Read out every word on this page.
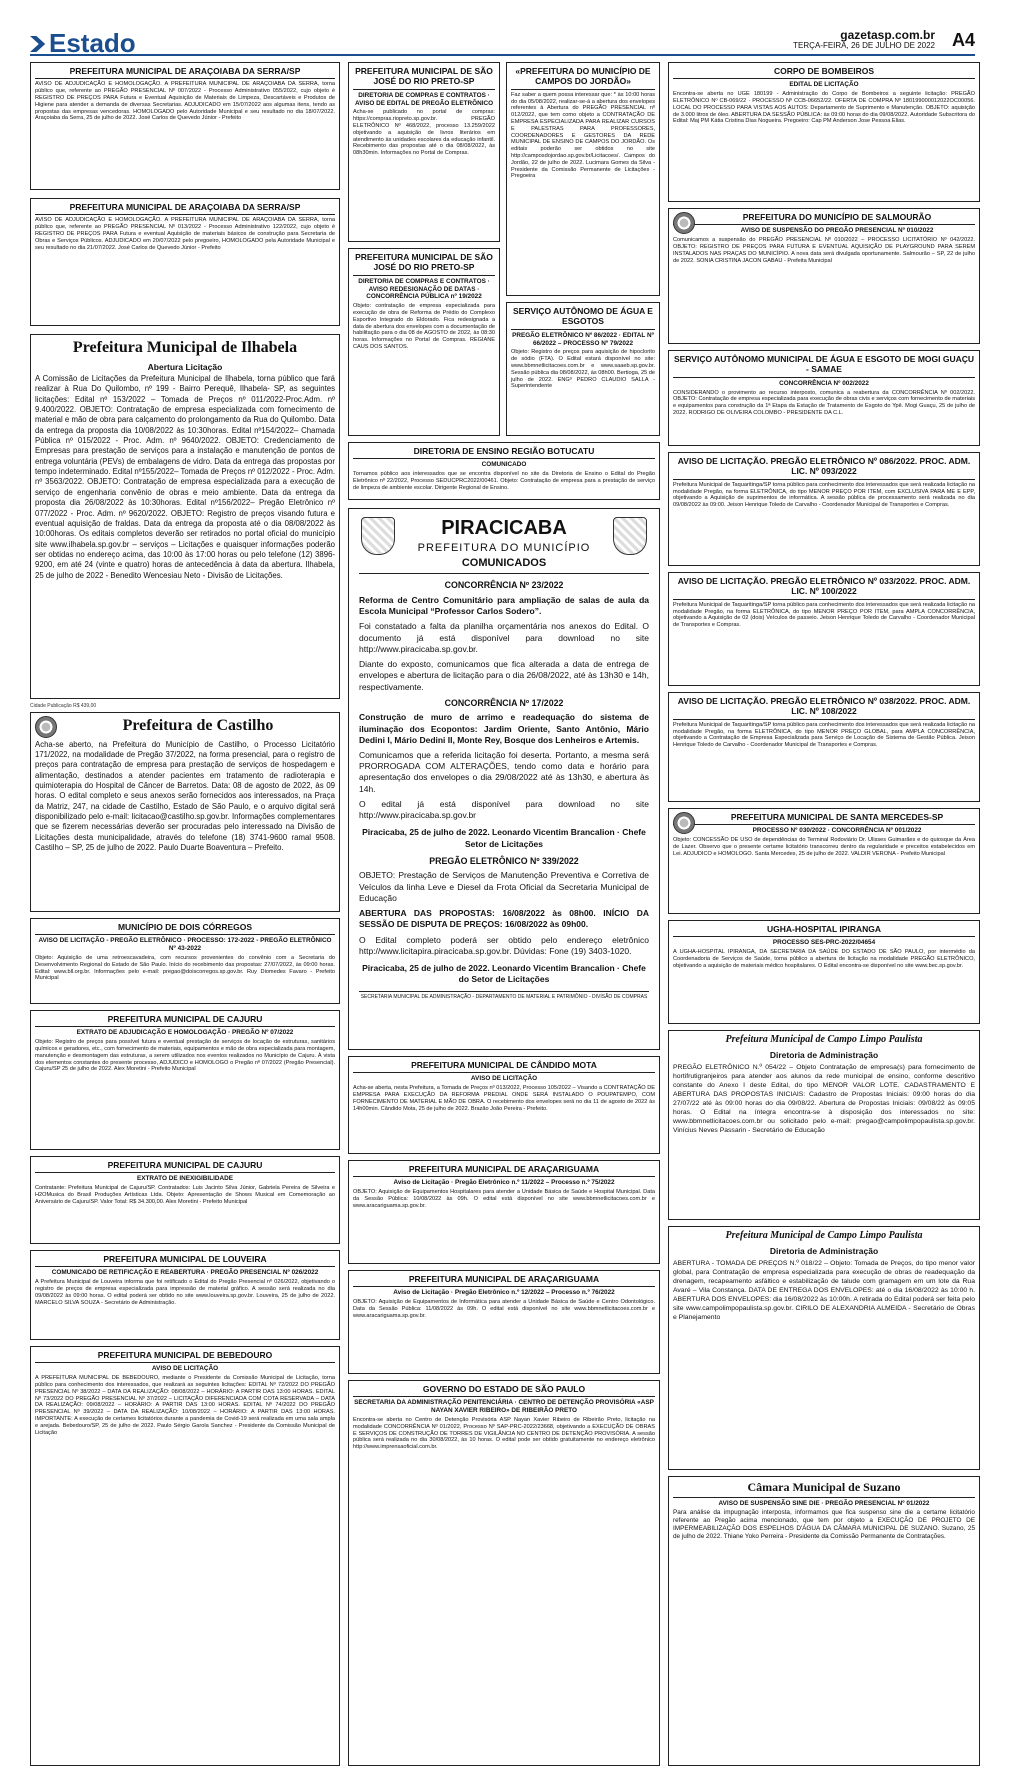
Estado	gazetasp.com.br
TERÇA-FEIRA, 26 DE JULHO DE 2022 A4
PREFEITURA MUNICIPAL DE ARAÇOIABA DA SERRA/SP

AVISO DE ADJUDICAÇÃO E HOMOLOGAÇÃO. A PREFEITURA MUNICIPAL DE ARAÇOIABA DA SERRA, torna público que, referente ao PREGÃO PRESENCIAL Nº 007/2022 - Processo Administrativo 055/2022, cujo objeto é REGISTRO DE PREÇOS PARA Futura e Eventual Aquisição de Materiais de Limpeza, Descartáveis e Produtos de Higiene para atender a demanda de diversas Secretarias. ADJUDICADO em 15/07/2022 aos algumas itens, tendo as propostas das empresas vencedoras. HOMOLOGADO pelo Autoridade Municipal e seu resultado no dia 18/07/2022. Araçoiaba da Serra, 25 de julho de 2022. José Carlos de Quevedo Júnior - Prefeito

PREFEITURA MUNICIPAL DE ARAÇOIABA DA SERRA/SP

AVISO DE ADJUDICAÇÃO E HOMOLOGAÇÃO. A PREFEITURA MUNICIPAL DE ARAÇOIABA DA SERRA, torna público que, referente ao PREGÃO PRESENCIAL Nº 013/2022 - Processo Administrativo 122/2022, cujo objeto é REGISTRO DE PREÇOS PARA Futura e eventual Aquisição de materiais básicos de construção para Secretaria de Obras e Serviços Públicos. ADJUDICADO em 20/07/2022 pelo pregoeiro, HOMOLOGADO pela Autoridade Municipal e seu resultado no dia 21/07/2022. José Carlos de Quevedo Júnior - Prefeito

Prefeitura Municipal de Ilhabela
Abertura Licitação

A Comissão de Licitações da Prefeitura Municipal de Ilhabela, torna público que fará realizar à Rua Do Quilombo, nº 199 - Bairro Perequê, Ilhabela- SP, as seguintes licitações: Edital nº 153/2022 – Tomada de Preços nº 011/2022-Proc.Adm. nº 9.400/2022. OBJETO: Contratação de empresa especializada com fornecimento de material e mão de obra para calçamento do prolongamento da Rua do Quilombo. Data da entrega da proposta dia 10/08/2022 às 10:30horas. Edital nº154/2022– Chamada Pública nº 015/2022 - Proc. Adm. nº 9640/2022. OBJETO: Credenciamento de Empresas para prestação de serviços para a instalação e manutenção de pontos de entrega voluntária (PEVs) de embalagens de vidro. Data da entrega das propostas por tempo indeterminado. Edital nº155/2022– Tomada de Preços nº 012/2022 - Proc. Adm. nº 3563/2022. OBJETO: Contratação de empresa especializada para a execução de serviço de engenharia convênio de obras e meio ambiente. Data da entrega da proposta dia 26/08/2022 às 10:30horas. Edital nº156/2022– Pregão Eletrônico nº 077/2022 - Proc. Adm. nº 9620/2022. OBJETO: Registro de preços visando futura e eventual aquisição de fraldas. Data da entrega da proposta até o dia 08/08/2022 às 10:00horas. Os editais completos deverão ser retirados no portal oficial do município site www.ilhabela.sp.gov.br – serviços – Licitações e quaisquer informações poderão ser obtidas no endereço acima, das 10:00 às 17:00 horas ou pelo telefone (12) 3896-9200, em até 24 (vinte e quatro) horas de antecedência à data da abertura. Ilhabela, 25 de julho de 2022 - Benedito Wencesiau Neto - Divisão de Licitações.

Cidade Publicação R$ 439,00
Prefeitura de Castilho

Acha-se aberto, na Prefeitura do Município de Castilho, o Processo Licitatório 171/2022, na modalidade de Pregão 37/2022, na forma presencial, para o registro de preços para contratação de empresa para prestação de serviços de hospedagem e alimentação, destinados a atender pacientes em tratamento de radioterapia e quimioterapia do Hospital de Câncer de Barretos. Data: 08 de agosto de 2022, às 09 horas. O edital completo e seus anexos serão fornecidos aos interessados, na Praça da Matriz, 247, na cidade de Castilho, Estado de São Paulo, e o arquivo digital será disponibilizado pelo e-mail: licitacao@castilho.sp.gov.br. Informações complementares que se fizerem necessárias deverão ser procuradas pelo interessado na Divisão de Licitações desta municipalidade, através do telefone (18) 3741-9600 ramal 9508. Castilho – SP, 25 de julho de 2022. Paulo Duarte Boaventura – Prefeito.

MUNICÍPIO DE DOIS CÓRREGOS
AVISO DE LICITAÇÃO - PREGÃO ELETRÔNICO · PROCESSO: 172-2022 - PREGÃO ELETRÔNICO Nº 43-2022

Objeto: Aquisição de uma retroescavadeira, com recursos provenientes do convênio com a Secretaria do Desenvolvimento Regional do Estado de São Paulo. Início do recebimento das propostas: 27/07/2022, às 09:00 horas. Edital: www.bll.org.br. Informações pelo e-mail: pregao@doiscorregos.sp.gov.br. Ruy Diomedes Favaro - Prefeito Municipal

PREFEITURA MUNICIPAL DE CAJURU
EXTRATO DE ADJUDICAÇÃO E HOMOLOGAÇÃO · PREGÃO Nº 07/2022

Objeto: Registro de preços para possível futura e eventual prestação de serviços de locação de estruturas, sanitários químicos e geradores, etc., com fornecimento de materiais, equipamentos e mão de obra especializada para montagem, manutenção e desmontagem das estruturas, a serem utilizados nos eventos realizados no Município de Cajuru. À vista dos elementos constantes do presente processo, ADJUDICO e HOMOLOGO o Pregão nº 07/2022 (Pregão Presencial). Cajuru/SP 25 de julho de 2022. Alex Moretini - Prefeito Municipal

PREFEITURA MUNICIPAL DE CAJURU
EXTRATO DE INEXIGIBILIDADE

Contratante: Prefeitura Municipal de Cajuru/SP. Contratados: Luis Jacinto Silva Júnior, Gabriela Pereira de Silveira e H2OMusica do Brasil Produções Artísticas Ltda. Objeto: Apresentação de Shows Musical em Comemoração ao Aniversário de Cajuru/SP. Valor Total: R$ 34.300,00. Alex Moretini - Prefeito Municipal

PREFEITURA MUNICIPAL DE LOUVEIRA
COMUNICADO DE RETIFICAÇÃO E REABERTURA · PREGÃO PRESENCIAL Nº 026/2022

A Prefeitura Municipal de Louveira informa que foi retificado o Edital do Pregão Presencial nº 026/2022, objetivando o registro de preços de empresa especializada para impressão de material gráfico. A sessão será realizada no dia 09/08/2022 às 09:00 horas. O edital poderá ser obtido no site www.louveira.sp.gov.br. Louveira, 25 de julho de 2022. MARCELO SILVA SOUZA - Secretário de Administração.

PREFEITURA MUNICIPAL DE BEBEDOURO
AVISO DE LICITAÇÃO

A PREFEITURA MUNICIPAL DE BEBEDOURO, mediante o Presidente da Comissão Municipal de Licitação, torna público para conhecimento dos interessados, que realizará as seguintes licitações: EDITAL Nº 72/2022 DO PREGÃO PRESENCIAL Nº 38/2022 – DATA DA REALIZAÇÃO: 08/08/2022 – HORÁRIO: A PARTIR DAS 13:00 HORAS. EDITAL Nº 73/2022 DO PREGÃO PRESENCIAL Nº 37/2022 – LICITAÇÃO DIFERENCIADA COM COTA RESERVADA – DATA DA REALIZAÇÃO: 09/08/2022 – HORÁRIO: A PARTIR DAS 13:00 HORAS. EDITAL Nº 74/2022 DO PREGÃO PRESENCIAL Nº 39/2022 – DATA DA REALIZAÇÃO: 10/08/2022 – HORÁRIO: A PARTIR DAS 13:00 HORAS. IMPORTANTE: A execução de certames licitatórios durante a pandemia de Covid-19 será realizada em uma sala ampla e arejada. Bebedouro/SP, 25 de julho de 2022. Paulo Sérgio Garola Sanchez - Presidente da Comissão Municipal de Licitação

PREFEITURA MUNICIPAL DE SÃO JOSÉ DO RIO PRETO-SP
DIRETORIA DE COMPRAS E CONTRATOS · AVISO DE EDITAL DE PREGÃO ELETRÔNICO

Acha-se publicado no portal de compras: https://compras.riopreto.sp.gov.br. PREGÃO ELETRÔNICO Nº 468/2022, processo 13.259/2022 objetivando a aquisição de livros literários em atendimento às unidades escolares da educação infantil. Recebimento das propostas até o dia 08/08/2022, às 08h30min. Informações no Portal de Compras.

PREFEITURA MUNICIPAL DE SÃO JOSÉ DO RIO PRETO-SP
DIRETORIA DE COMPRAS E CONTRATOS · AVISO REDESIGNAÇÃO DE DATAS · CONCORRÊNCIA PÚBLICA nº 19/2022

Objeto: contratação de empresa especializada para execução de obra de Reforma de Prédio do Complexo Esportivo Integrado do Eldorado. Fica redesignada a data de abertura dos envelopes com a documentação de habilitação para o dia 08 de AGOSTO de 2022, às 08:30 horas. Informações no Portal de Compras. REGIANE CAUS DOS SANTOS.

«PREFEITURA DO MUNICÍPIO DE CAMPOS DO JORDÃO»

Faz saber a quem possa interessar que: * às 10:00 horas do dia 05/08/2022, realizar-se-á a abertura dos envelopes referentes à Abertura do PREGÃO PRESENCIAL nº 012/2022, que tem como objeto a CONTRATAÇÃO DE EMPRESA ESPECIALIZADA PARA REALIZAR CURSOS E PALESTRAS PARA PROFESSORES, COORDENADORES E GESTORES DA REDE MUNICIPAL DE ENSINO DE CAMPOS DO JORDÃO. Os editais poderão ser obtidos no site http://camposdojordao.sp.gov.br/Licitacoes/. Campos do Jordão, 22 de julho de 2022. Lucimara Gomes da Silva - Presidente da Comissão Permanente de Licitações - Pregoeira

SERVIÇO AUTÔNOMO DE ÁGUA E ESGOTOS
PREGÃO ELETRÔNICO Nº 86/2022 · EDITAL Nº 66/2022 – PROCESSO Nº 79/2022

Objeto: Registro de preços para aquisição de hipoclorito de sódio (FTA). O Edital estará disponível no site: www.bbmnetlicitacoes.com.br e www.saaeb.sp.gov.br. Sessão pública dia 08/08/2022, às 08h00. Bertioga, 25 de julho de 2022. ENGº PEDRO CLAUDIO SALLA - Superintendente

DIRETORIA DE ENSINO REGIÃO BOTUCATU
COMUNICADO

Tornamos público aos interessados que se encontra disponível no site da Diretoria de Ensino o Edital do Pregão Eletrônico nº 22/2022, Processo SEDUCPRC2022/00461. Objeto: Contratação de empresa para a prestação de serviço de limpeza de ambiente escolar. Dirigente Regional de Ensino.

PIRACICABA
PREFEITURA DO MUNICÍPIO
COMUNICADOS
CONCORRÊNCIA Nº 23/2022

Reforma de Centro Comunitário para ampliação de salas de aula da Escola Municipal “Professor Carlos Sodero”.

Foi constatado a falta da planilha orçamentária nos anexos do Edital. O documento já está disponível para download no site http://www.piracicaba.sp.gov.br.

Diante do exposto, comunicamos que fica alterada a data de entrega de envelopes e abertura de licitação para o dia 26/08/2022, até às 13h30 e 14h, respectivamente.

CONCORRÊNCIA Nº 17/2022

Construção de muro de arrimo e readequação do sistema de iluminação dos Ecopontos: Jardim Oriente, Santo Antônio, Mário Dedini I, Mário Dedini II, Monte Rey, Bosque dos Lenheiros e Artemis.

Comunicamos que a referida licitação foi deserta. Portanto, a mesma será PRORROGADA COM ALTERAÇÕES, tendo como data e horário para apresentação dos envelopes o dia 29/08/2022 até às 13h30, e abertura às 14h.

O edital já está disponível para download no site http://www.piracicaba.sp.gov.br

Piracicaba, 25 de julho de 2022. Leonardo Vicentim Brancalion · Chefe Setor de Licitações
PREGÃO ELETRÔNICO Nº 339/2022

OBJETO: Prestação de Serviços de Manutenção Preventiva e Corretiva de Veículos da linha Leve e Diesel da Frota Oficial da Secretaria Municipal de Educação

ABERTURA DAS PROPOSTAS: 16/08/2022 às 08h00. INÍCIO DA SESSÃO DE DISPUTA DE PREÇOS: 16/08/2022 às 09h00.

O Edital completo poderá ser obtido pelo endereço eletrônico http://www.licitapira.piracicaba.sp.gov.br. Dúvidas: Fone (19) 3403-1020.

Piracicaba, 25 de julho de 2022. Leonardo Vicentim Brancalion · Chefe do Setor de Licitações
SECRETARIA MUNICIPAL DE ADMINISTRAÇÃO - DEPARTAMENTO DE MATERIAL E PATRIMÔNIO - DIVISÃO DE COMPRAS
PREFEITURA MUNICIPAL DE CÂNDIDO MOTA
AVISO DE LICITAÇÃO

Acha-se aberta, nesta Prefeitura, a Tomada de Preços nº 013/2022, Processo 105/2022 – Visando a CONTRATAÇÃO DE EMPRESA PARA EXECUÇÃO DA REFORMA PREDIAL ONDE SERÁ INSTALADO O POUPATEMPO, COM FORNECIMENTO DE MATERIAL E MÃO DE OBRA. O recebimento dos envelopes será no dia 11 de agosto de 2022 às 14h00min. Cândido Mota, 25 de julho de 2022. Brazão João Pereira - Prefeito.

PREFEITURA MUNICIPAL DE ARAÇARIGUAMA
Aviso de Licitação · Pregão Eletrônico n.º 11/2022 – Processo n.º 75/2022

OBJETO: Aquisição de Equipamentos Hospitalares para atender a Unidade Básica de Saúde e Hospital Municipal. Data da Sessão Pública: 10/08/2022 às 09h. O edital está disponível no site www.bbmnetlicitacoes.com.br e www.aracariguama.sp.gov.br.

PREFEITURA MUNICIPAL DE ARAÇARIGUAMA
Aviso de Licitação · Pregão Eletrônico n.º 12/2022 – Processo n.º 76/2022

OBJETO: Aquisição de Equipamentos de Informática para atender a Unidade Básica de Saúde e Centro Odontológico. Data da Sessão Pública: 11/08/2022 às 09h. O edital está disponível no site www.bbmnetlicitacoes.com.br e www.aracariguama.sp.gov.br.

GOVERNO DO ESTADO DE SÃO PAULO
SECRETARIA DA ADMINISTRAÇÃO PENITENCIÁRIA · CENTRO DE DETENÇÃO PROVISÓRIA «ASP NAYAN XAVIER RIBEIRO» DE RIBEIRÃO PRETO

Encontra-se aberta no Centro de Detenção Provisória ASP Nayan Xavier Ribeiro de Ribeirão Preto, licitação na modalidade CONCORRÊNCIA Nº 01/2022, Processo Nº SAP-PRC-2022/23668, objetivando a EXECUÇÃO DE OBRAS E SERVIÇOS DE CONSTRUÇÃO DE TORRES DE VIGILÂNCIA NO CENTRO DE DETENÇÃO PROVISÓRIA. A sessão pública será realizada no dia 30/08/2022, às 10 horas. O edital pode ser obtido gratuitamente no endereço eletrônico http://www.imprensaoficial.com.br.

CORPO DE BOMBEIROS
EDITAL DE LICITAÇÃO

Encontra-se aberta no UGE 180199 - Administração do Corpo de Bombeiros a seguinte licitação: PREGÃO ELETRÔNICO Nº CB-069/22 · PROCESSO Nº CCB-06652/22. OFERTA DE COMPRA Nº 180199000012022OC00056. LOCAL DO PROCESSO PARA VISTAS AOS AUTOS: Departamento de Suprimento e Manutenção. OBJETO: aquisição de 3.000 litros de óleo. ABERTURA DA SESSÃO PÚBLICA: às 09:00 horas do dia 09/08/2022. Autoridade Subscritora do Edital: Maj PM Kátia Cristina Dias Nogueira. Pregoeiro: Cap PM Anderson Jose Pessoa Elias.

PREFEITURA DO MUNICÍPIO DE SALMOURÃO
AVISO DE SUSPENSÃO DO PREGÃO PRESENCIAL Nº 010/2022

Comunicamos a suspensão do PREGÃO PRESENCIAL Nº 010/2022 – PROCESSO LICITATÓRIO Nº 042/2022. OBJETO: REGISTRO DE PREÇOS PARA FUTURA E EVENTUAL AQUISIÇÃO DE PLAYGROUND PARA SEREM INSTALADOS NAS PRAÇAS DO MUNICÍPIO. A nova data será divulgada oportunamente. Salmourão – SP, 22 de julho de 2022. SONIA CRISTINA JACON GABAU - Prefeita Municipal

SERVIÇO AUTÔNOMO MUNICIPAL DE ÁGUA E ESGOTO DE MOGI GUAÇU - SAMAE
CONCORRÊNCIA Nº 002/2022

CONSIDERANDO o provimento ao recurso interposto, comunica a reabertura da CONCORRÊNCIA Nº 002/2022. OBJETO: Contratação de empresa especializada para execução de obras civis e serviços com fornecimento de materiais e equipamentos para construção da 1ª Etapa da Estação de Tratamento de Esgoto do Ypê. Mogi Guaçu, 25 de julho de 2022. RODRIGO DE OLIVEIRA COLOMBO - PRESIDENTE DA C.L.

AVISO DE LICITAÇÃO. PREGÃO ELETRÔNICO Nº 086/2022. PROC. ADM. LIC. Nº 093/2022

Prefeitura Municipal de Taquaritinga/SP torna público para conhecimento dos interessados que será realizada licitação na modalidade Pregão, na forma ELETRÔNICA, do tipo MENOR PREÇO POR ITEM, com EXCLUSIVA PARA ME E EPP, objetivando a Aquisição de suprimentos de informática. A sessão pública de processamento será realizada no dia 09/08/2022 às 09:00. Jeison Henrique Toledo de Carvalho - Coordenador Municipal de Transportes e Compras.

AVISO DE LICITAÇÃO. PREGÃO ELETRÔNICO Nº 033/2022. PROC. ADM. LIC. Nº 100/2022

Prefeitura Municipal de Taquaritinga/SP torna público para conhecimento dos interessados que será realizada licitação na modalidade Pregão, na forma ELETRÔNICA, do tipo MENOR PREÇO POR ITEM, para AMPLA CONCORRÊNCIA, objetivando a Aquisição de 02 (dois) Veículos de passeio. Jeison Henrique Toledo de Carvalho - Coordenador Municipal de Transportes e Compras.

AVISO DE LICITAÇÃO. PREGÃO ELETRÔNICO Nº 038/2022. PROC. ADM. LIC. Nº 108/2022

Prefeitura Municipal de Taquaritinga/SP torna público para conhecimento dos interessados que será realizada licitação na modalidade Pregão, na forma ELETRÔNICA, do tipo MENOR PREÇO GLOBAL, para AMPLA CONCORRÊNCIA, objetivando a Contratação de Empresa Especializada para Serviço de Locação de Sistema de Gestão Pública. Jeison Henrique Toledo de Carvalho - Coordenador Municipal de Transportes e Compras.

PREFEITURA MUNICIPAL DE SANTA MERCEDES-SP
PROCESSO Nº 030/2022 · CONCORRÊNCIA Nº 001/2022

Objeto: CONCESSÃO DE USO de dependências do Terminal Rodoviário Dr. Ulisses Guimarães e do quiosque da Área de Lazer. Observo que o presente certame licitatório transcorreu dentro da regularidade e preceitos estabelecidos em Lei. ADJUDICO e HOMOLOGO. Santa Mercedes, 25 de julho de 2022. VALDIR VERONA - Prefeito Municipal

UGHA-HOSPITAL IPIRANGA
PROCESSO SES-PRC-2022/04654

A UGHA-HOSPITAL IPIRANGA, DA SECRETARIA DA SAÚDE DO ESTADO DE SÃO PAULO, por intermédio da Coordenadoria de Serviços de Saúde, torna público a abertura de licitação na modalidade PREGÃO ELETRÔNICO, objetivando a aquisição de materiais médico hospitalares. O Edital encontra-se disponível no site www.bec.sp.gov.br.

Prefeitura Municipal de Campo Limpo Paulista
Diretoria de Administração

PREGÃO ELETRÔNICO N.º 054/22 – Objeto Contratação de empresa(s) para fornecimento de hortifrutigranjeiros para atender aos alunos da rede municipal de ensino, conforme descritivo constante do Anexo I deste Edital, do tipo MENOR VALOR LOTE. CADASTRAMENTO E ABERTURA DAS PROPOSTAS INICIAIS: Cadastro de Propostas Iniciais: 09:00 horas do dia 27/07/22 até às 09:00 horas do dia 09/08/22. Abertura de Propostas Iniciais: 09/08/22 às 09:05 horas. O Edital na íntegra encontra-se à disposição dos interessados no site: www.bbmnetlicitacoes.com.br ou solicitado pelo e-mail: pregao@campolimpopaulista.sp.gov.br. Vinícius Neves Passarin - Secretário de Educação

Prefeitura Municipal de Campo Limpo Paulista
Diretoria de Administração

ABERTURA - TOMADA DE PREÇOS N.º 018/22 – Objeto: Tomada de Preços, do tipo menor valor global, para Contratação de empresa especializada para execução de obras de readequação da drenagem, recapeamento asfáltico e estabilização de talude com gramagem em um lote da Rua Avaré – Vila Constança. DATA DE ENTREGA DOS ENVELOPES: até o dia 16/08/2022 às 10:00 h. ABERTURA DOS ENVELOPES: dia 16/08/2022 às 10:00h. A retirada do Edital poderá ser feita pelo site www.campolimpopaulista.sp.gov.br. CIRILO DE ALEXANDRIA ALMEIDA - Secretário de Obras e Planejamento

Câmara Municipal de Suzano
AVISO DE SUSPENSÃO SINE DIE · PREGÃO PRESENCIAL Nº 01/2022

Para análise da impugnação interposta, informamos que fica suspenso sine die a certame licitatório referente ao Pregão acima mencionado, que tem por objeto a EXECUÇÃO DE PROJETO DE IMPERMEABILIZAÇÃO DOS ESPELHOS D'ÁGUA DA CÂMARA MUNICIPAL DE SUZANO. Suzano, 25 de julho de 2022. Thiane Yoko Perreira - Presidente da Comissão Permanente de Contratações.
